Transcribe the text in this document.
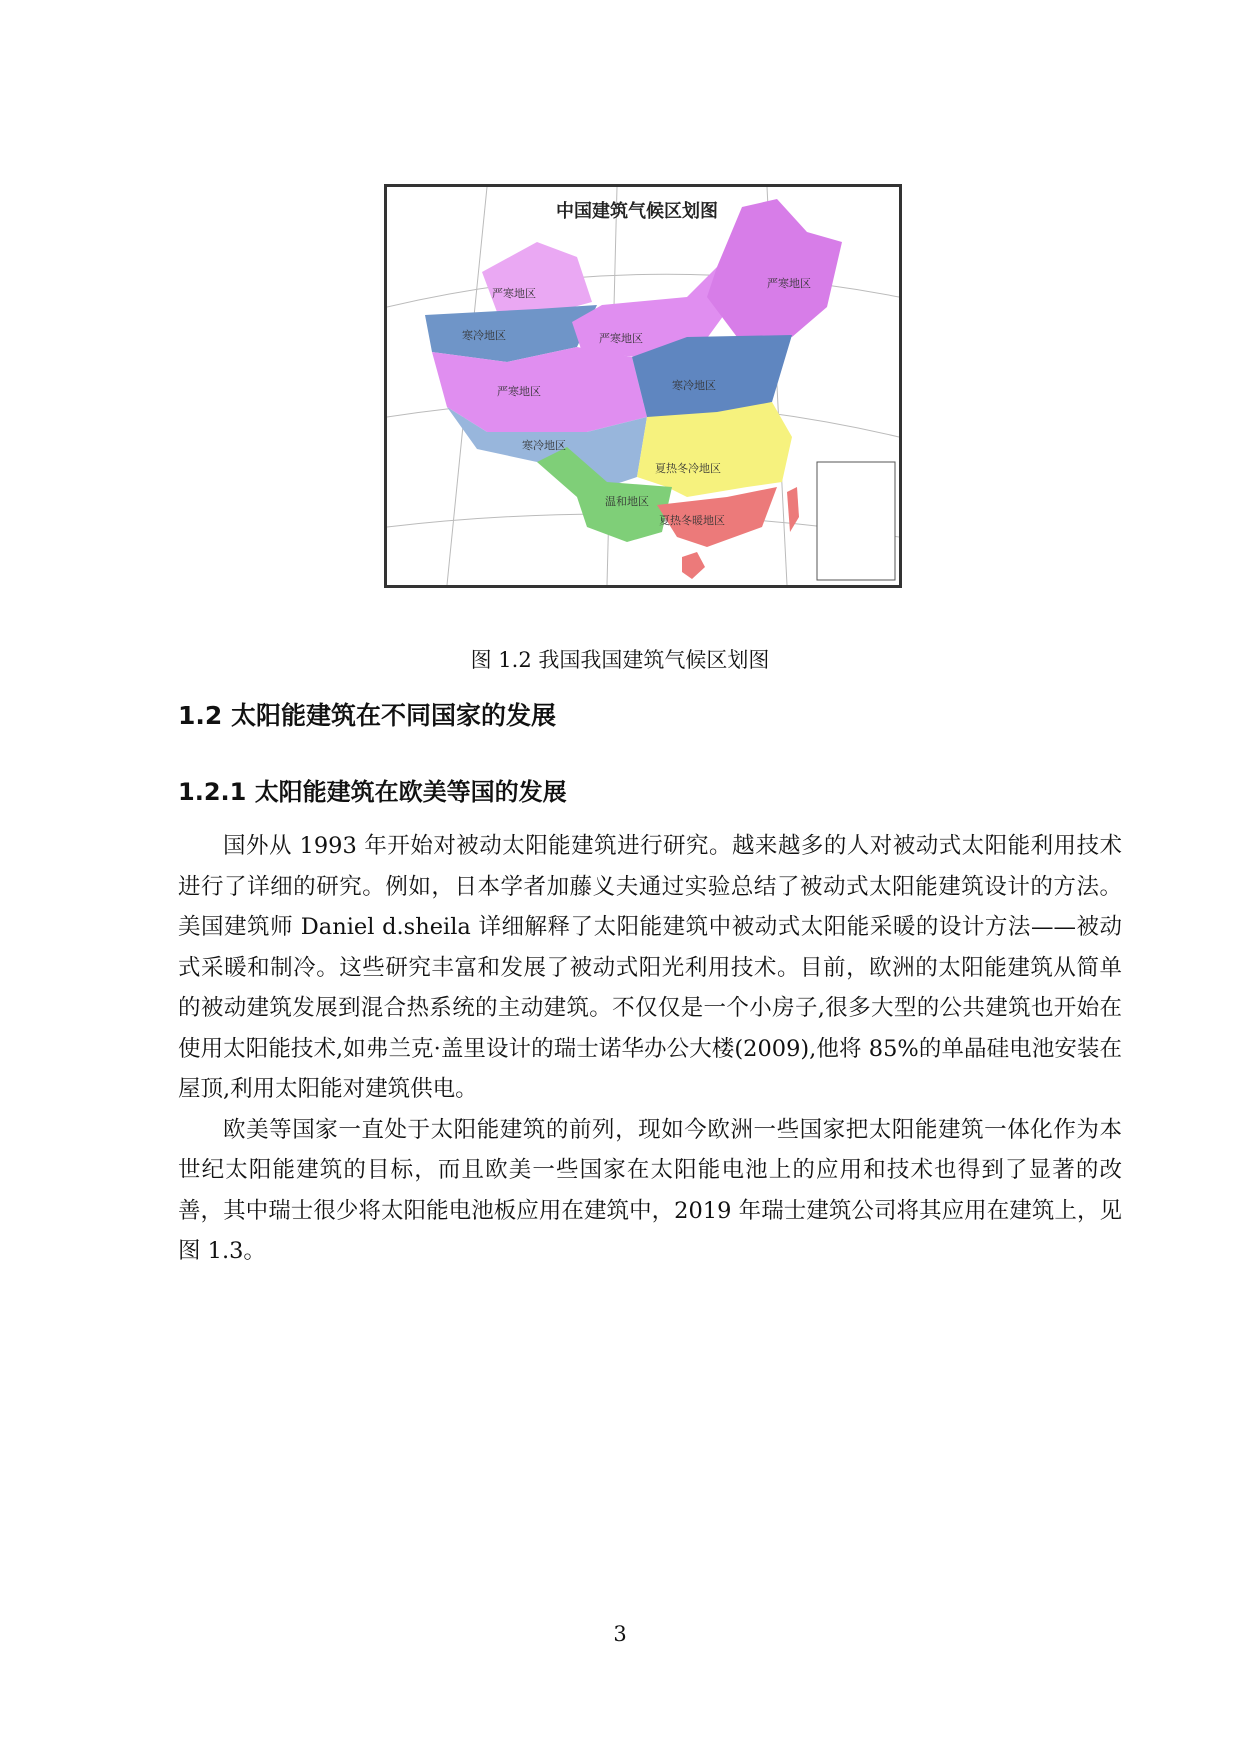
中国建筑气候区划图
严寒地区
寒冷地区	严寒地区
严寒地区	寒冷地区
寒冷地区
夏热冬冷地区
温和地区
夏热冬暖地区
严寒地区
图 1.2 我国我国建筑气候区划图
1.2 太阳能建筑在不同国家的发展
1.2.1 太阳能建筑在欧美等国的发展

国外从 1993 年开始对被动太阳能建筑进行研究。越来越多的人对被动式太阳能利用技术进行了详细的研究。例如，日本学者加藤义夫通过实验总结了被动式太阳能建筑设计的方法。美国建筑师 Daniel d.sheila 详细解释了太阳能建筑中被动式太阳能采暖的设计方法——被动式采暖和制冷。这些研究丰富和发展了被动式阳光利用技术。目前，欧洲的太阳能建筑从简单的被动建筑发展到混合热系统的主动建筑。不仅仅是一个小房子,很多大型的公共建筑也开始在使用太阳能技术,如弗兰克·盖里设计的瑞士诺华办公大楼(2009),他将 85%的单晶硅电池安装在屋顶,利用太阳能对建筑供电。

欧美等国家一直处于太阳能建筑的前列，现如今欧洲一些国家把太阳能建筑一体化作为本世纪太阳能建筑的目标，而且欧美一些国家在太阳能电池上的应用和技术也得到了显著的改善，其中瑞士很少将太阳能电池板应用在建筑中，2019 年瑞士建筑公司将其应用在建筑上，见图 1.3。

3
